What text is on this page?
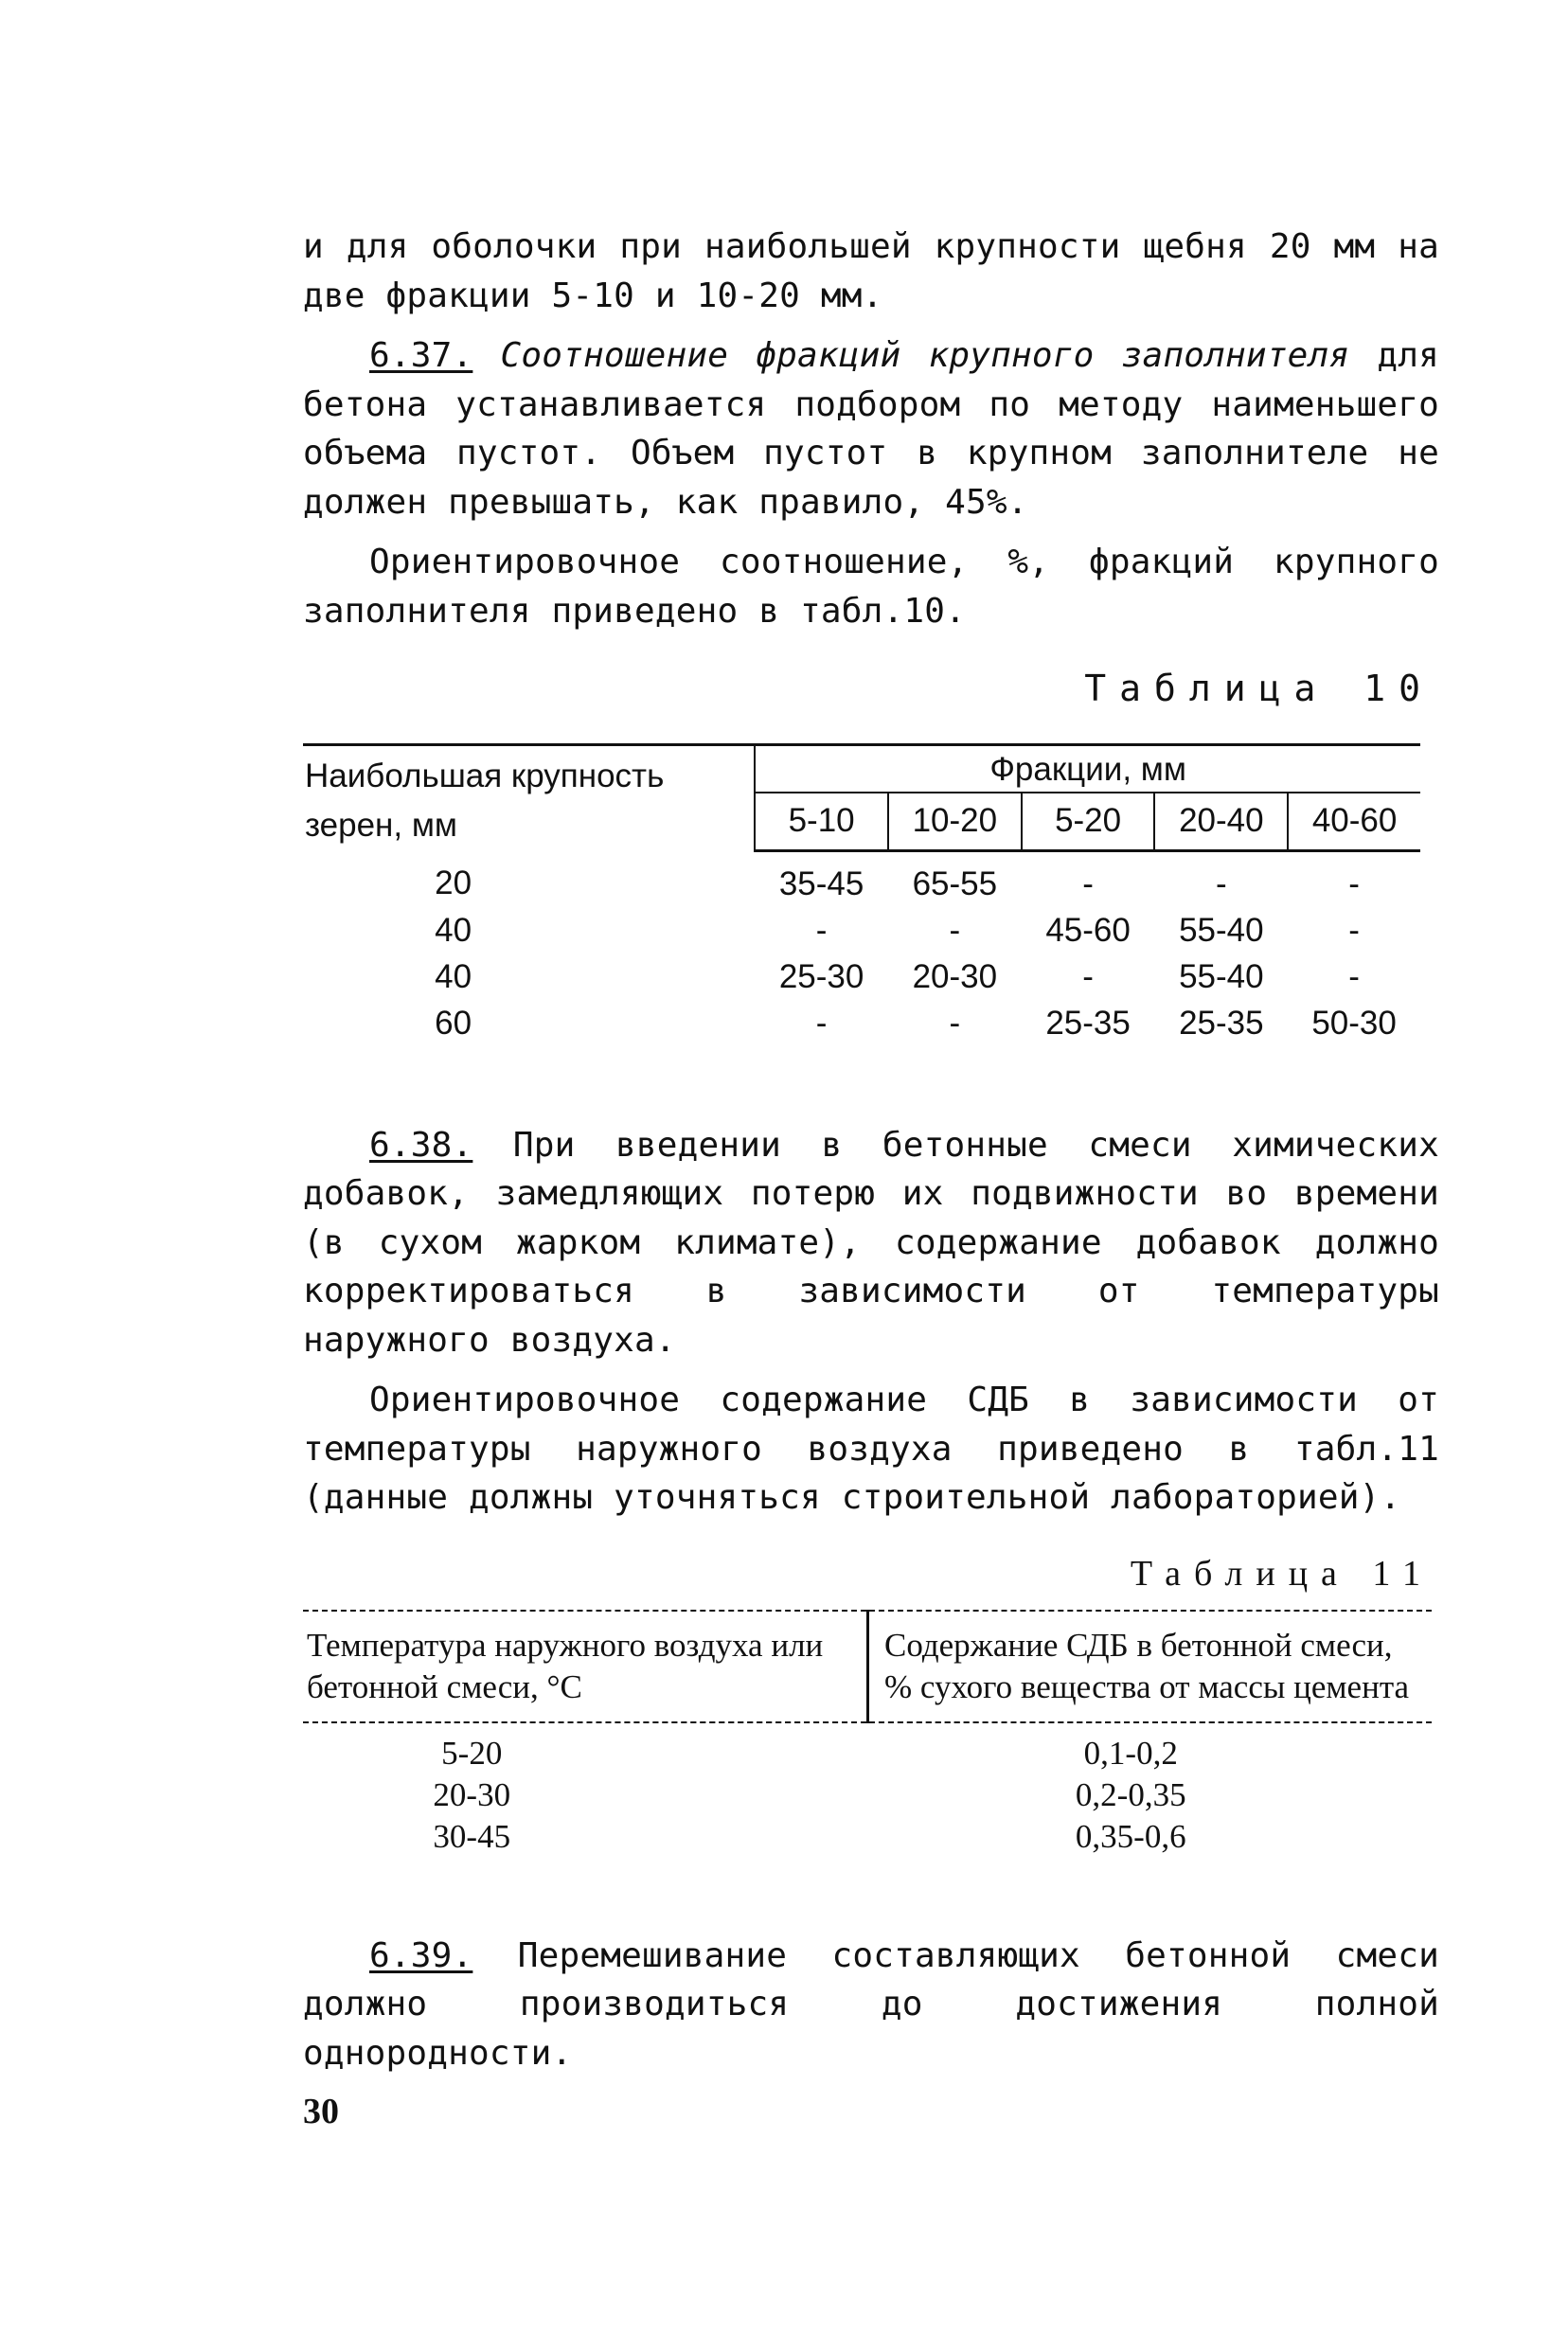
и для оболочки при наибольшей крупности щебня 20 мм на две фракции 5-10 и 10-20 мм.

6.37. Соотношение фракций крупного заполнителя для бетона устанавливается подбором по методу наименьшего объема пустот. Объем пустот в крупном заполнителе не должен превышать, как правило, 45%.

Ориентировочное соотношение, %, фракций крупного заполнителя приведено в табл.10.

Таблица 10

Наибольшая крупность зерен, мм	Фракции, мм				
	5-10	10-20	5-20	20-40	40-60
20	35-45	65-55	-	-	-
40	-	-	45-60	55-40	-
40	25-30	20-30	-	55-40	-
60	-	-	25-35	25-35	50-30

6.38. При введении в бетонные смеси химических добавок, замедляющих потерю их подвижности во времени (в сухом жарком климате), содержание добавок должно корректироваться в зависимости от температуры наружного воздуха.

Ориентировочное содержание СДБ в зависимости от температуры наружного воздуха приведено в табл.11 (данные должны уточняться строительной лабораторией).

Таблица 11

Температура наружного воздуха или бетонной смеси, °С	Содержание СДБ в бетонной смеси, % сухого вещества от массы цемента
5-20	0,1-0,2
20-30	0,2-0,35
30-45	0,35-0,6

6.39. Перемешивание составляющих бетонной смеси должно производиться до достижения полной однородности.

30
